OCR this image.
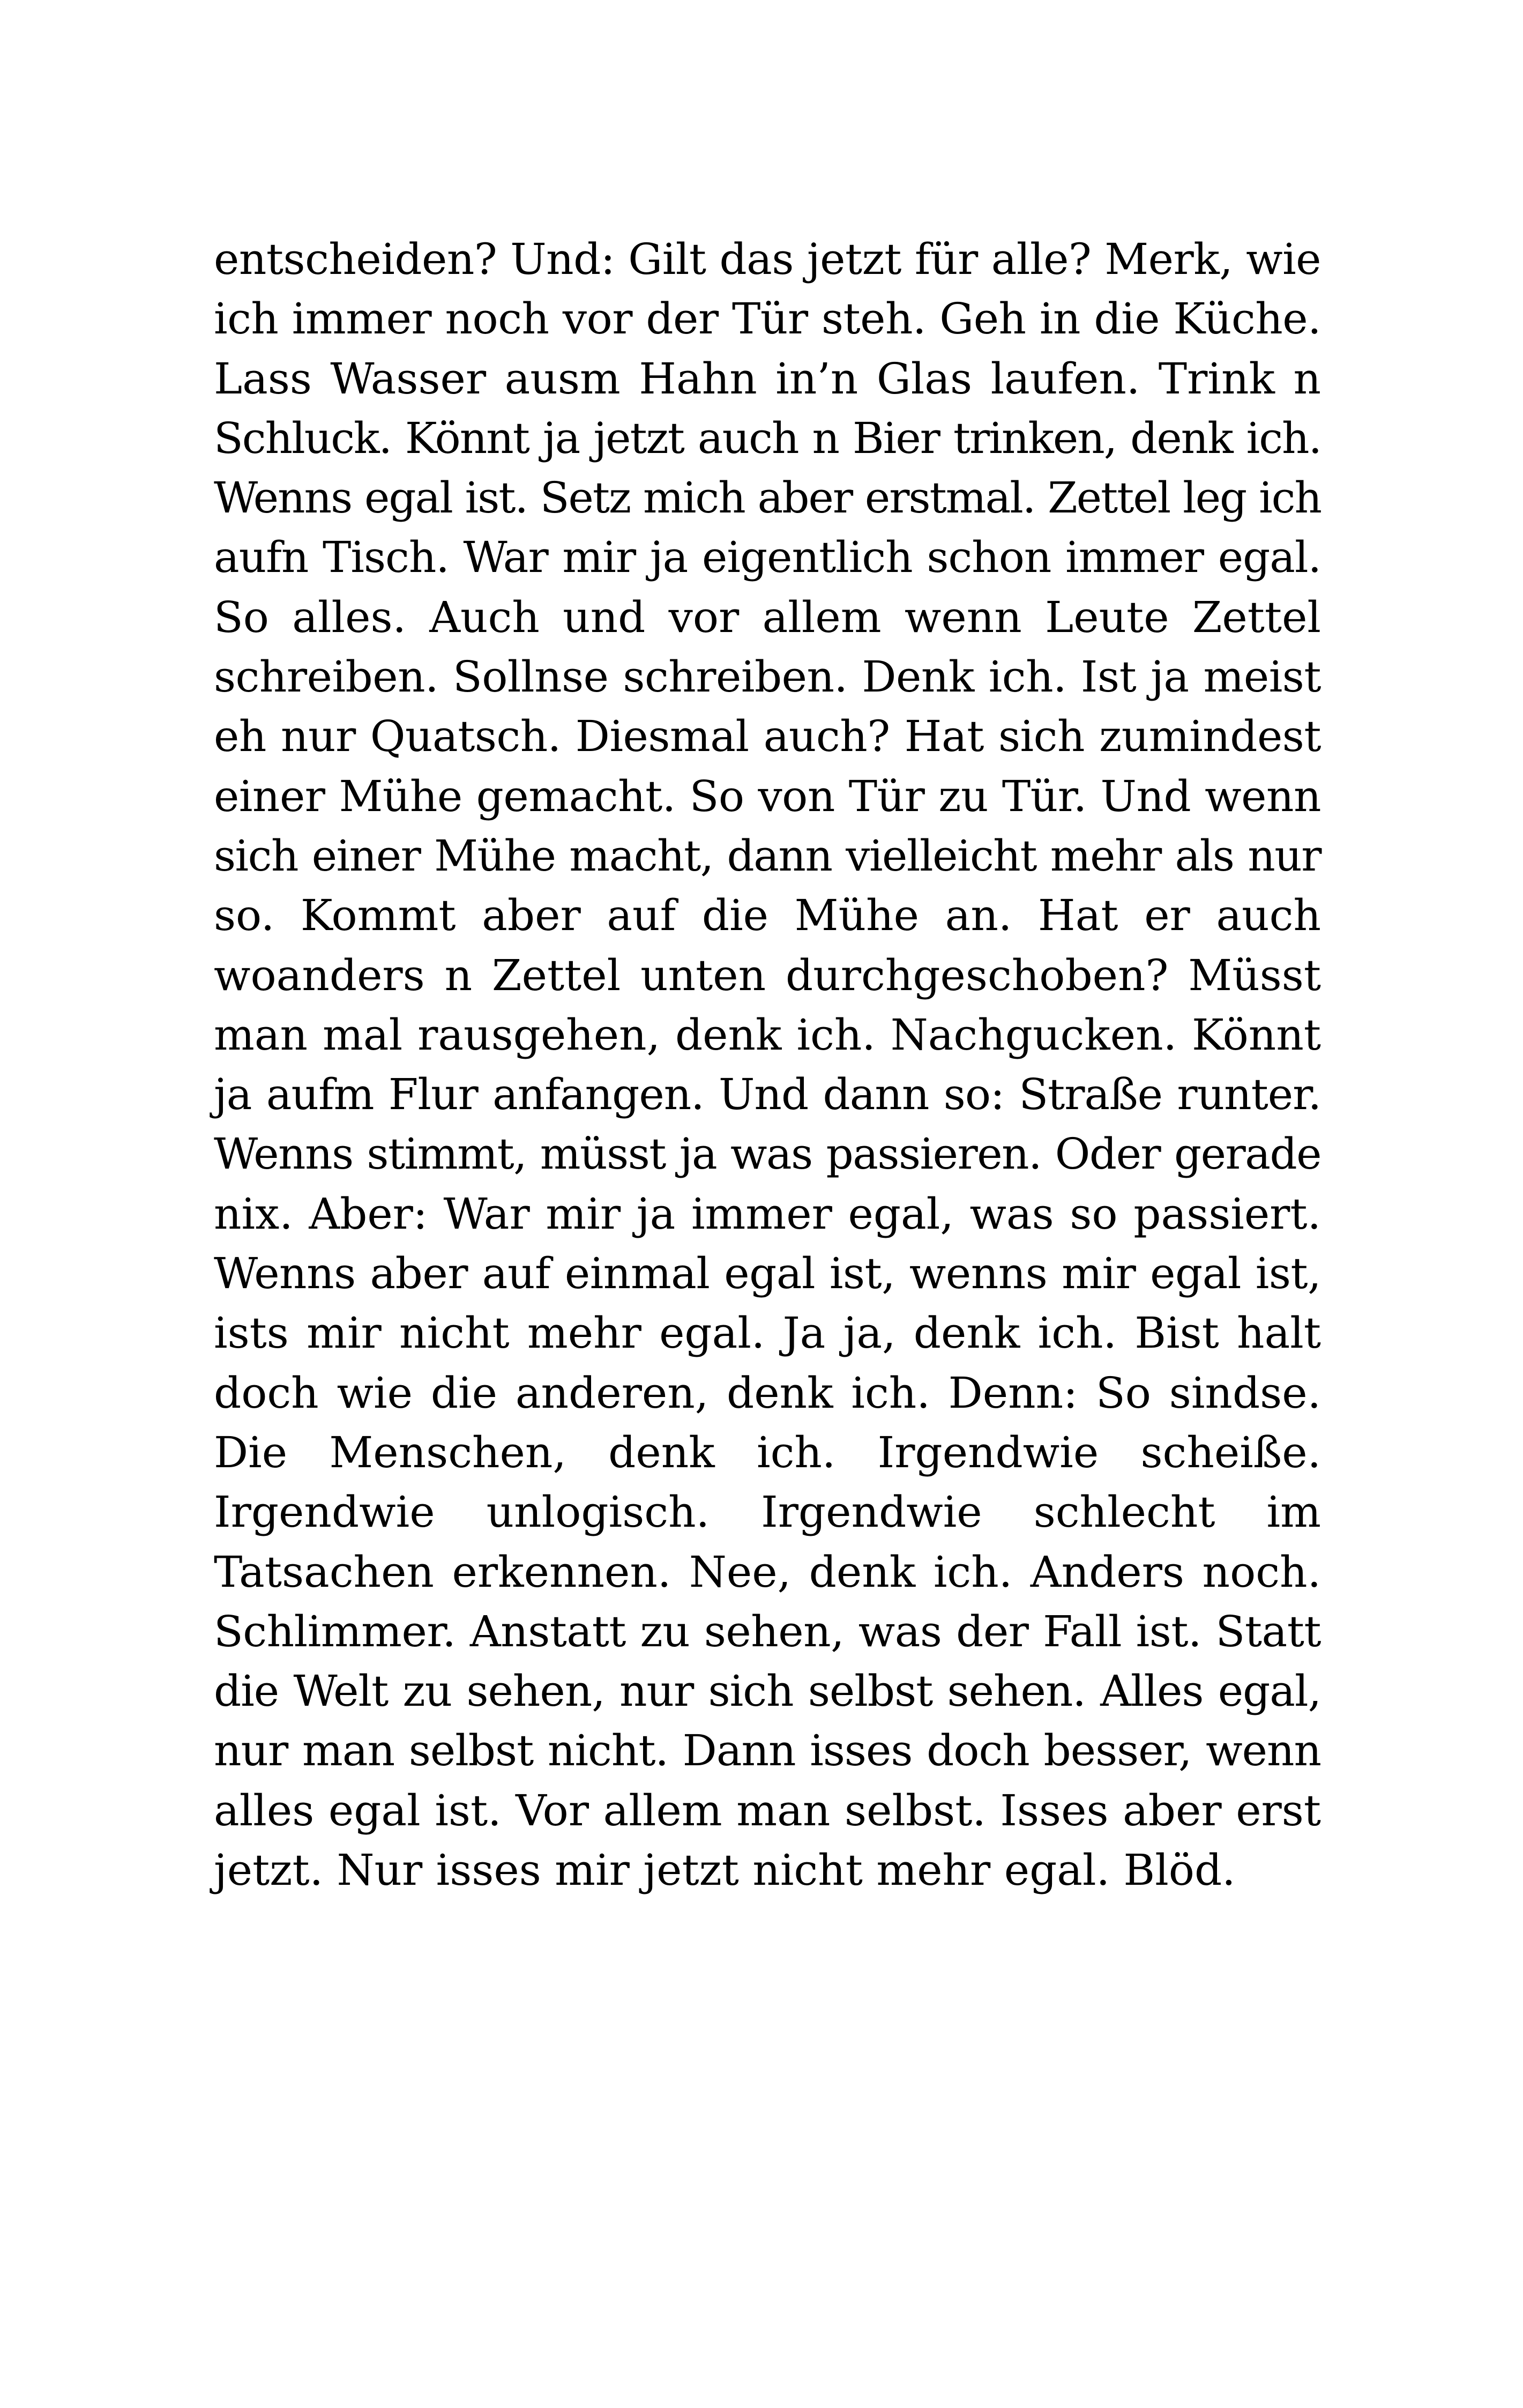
entscheiden? Und: Gilt das jetzt für alle? Merk, wie
ich immer noch vor der Tür steh. Geh in die Küche.
Lass Wasser ausm Hahn in’n Glas laufen. Trink n
Schluck. Könnt ja jetzt auch n Bier trinken, denk ich.
Wenns egal ist. Setz mich aber erstmal. Zettel leg ich
aufn Tisch. War mir ja eigentlich schon immer egal.
So alles. Auch und vor allem wenn Leute Zettel
schreiben. Sollnse schreiben. Denk ich. Ist ja meist
eh nur Quatsch. Diesmal auch? Hat sich zumindest
einer Mühe gemacht. So von Tür zu Tür. Und wenn
sich einer Mühe macht, dann vielleicht mehr als nur
so. Kommt aber auf die Mühe an. Hat er auch
woanders n Zettel unten durchgeschoben? Müsst
man mal rausgehen, denk ich. Nachgucken. Könnt
ja aufm Flur anfangen. Und dann so: Straße runter.
Wenns stimmt, müsst ja was passieren. Oder gerade
nix. Aber: War mir ja immer egal, was so passiert.
Wenns aber auf einmal egal ist, wenns mir egal ist,
ists mir nicht mehr egal. Ja ja, denk ich. Bist halt
doch wie die anderen, denk ich. Denn: So sindse.
Die Menschen, denk ich. Irgendwie scheiße.
Irgendwie unlogisch. Irgendwie schlecht im
Tatsachen erkennen. Nee, denk ich. Anders noch.
Schlimmer. Anstatt zu sehen, was der Fall ist. Statt
die Welt zu sehen, nur sich selbst sehen. Alles egal,
nur man selbst nicht. Dann isses doch besser, wenn
alles egal ist. Vor allem man selbst. Isses aber erst
jetzt. Nur isses mir jetzt nicht mehr egal. Blöd.
